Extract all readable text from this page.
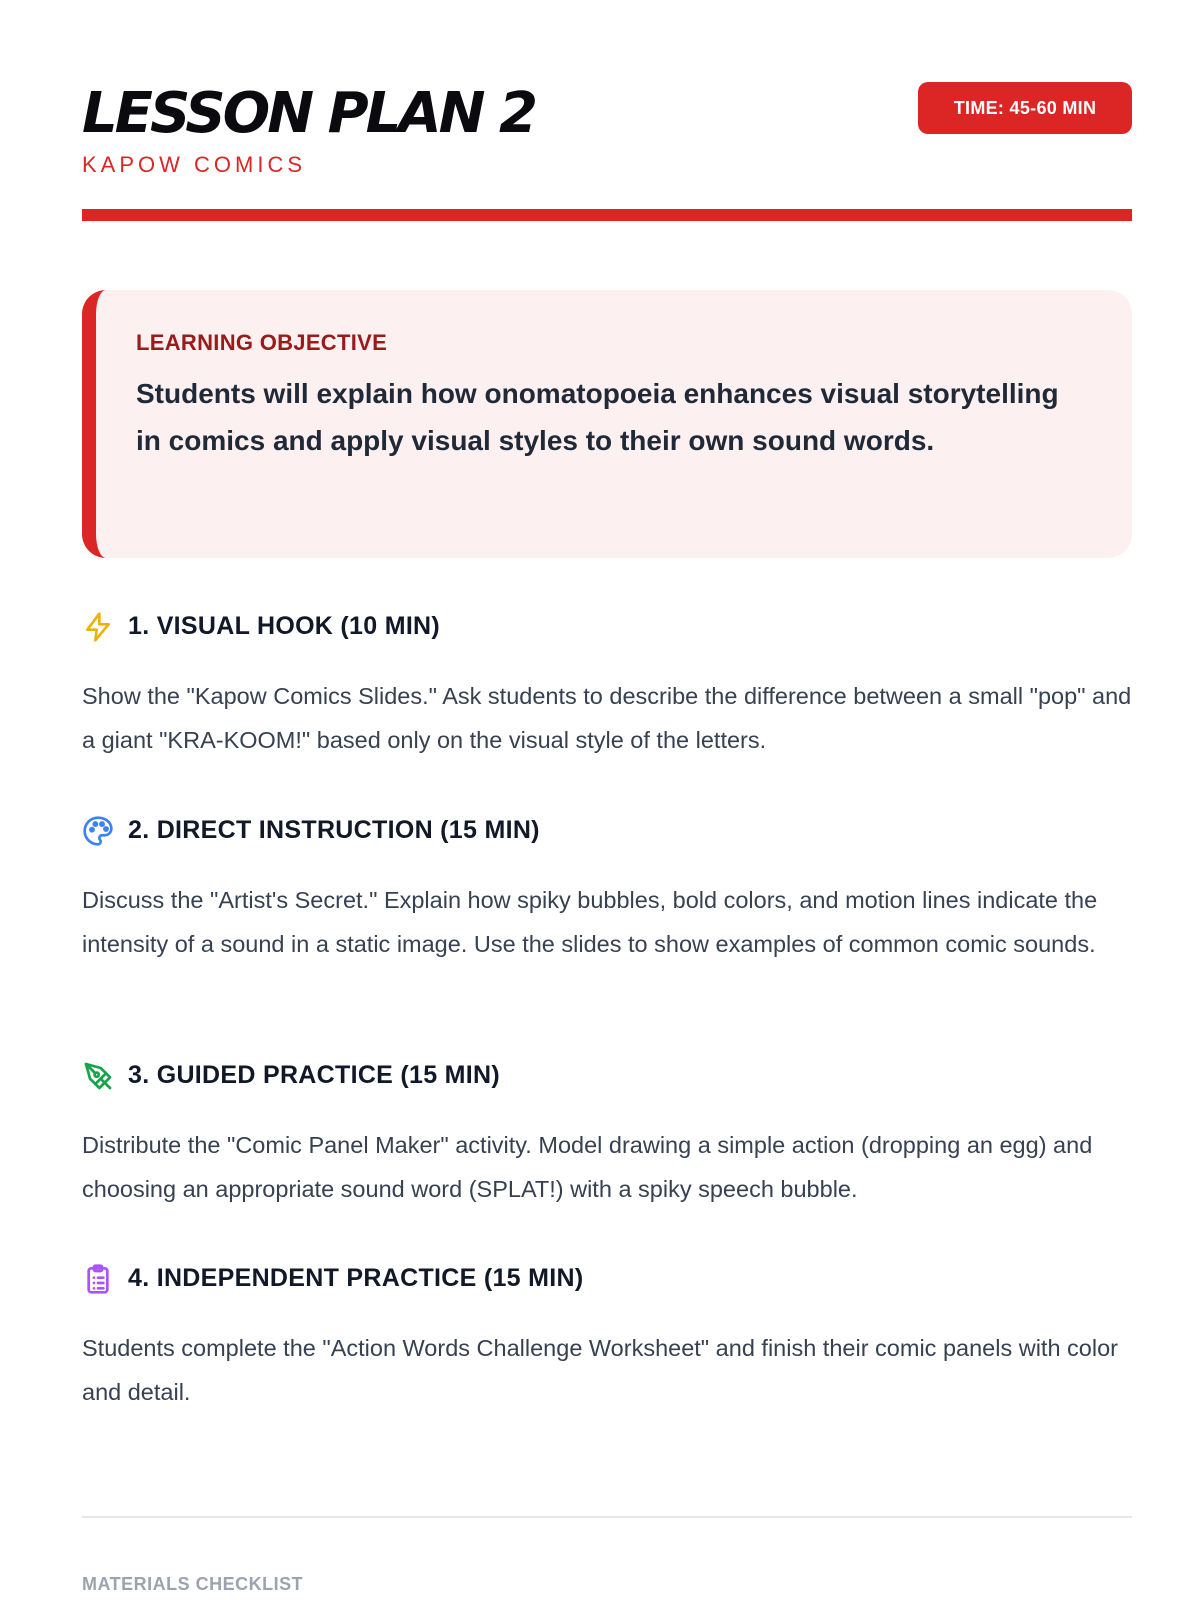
LESSON PLAN 2
KAPOW COMICS
TIME: 45-60 MIN
LEARNING OBJECTIVE

Students will explain how onomatopoeia enhances visual storytelling in comics and apply visual styles to their own sound words.

1. VISUAL HOOK (10 MIN)

Show the "Kapow Comics Slides." Ask students to describe the difference between a small "pop" and a giant "KRA-KOOM!" based only on the visual style of the letters.

2. DIRECT INSTRUCTION (15 MIN)

Discuss the "Artist's Secret." Explain how spiky bubbles, bold colors, and motion lines indicate the intensity of a sound in a static image. Use the slides to show examples of common comic sounds.

3. GUIDED PRACTICE (15 MIN)

Distribute the "Comic Panel Maker" activity. Model drawing a simple action (dropping an egg) and choosing an appropriate sound word (SPLAT!) with a spiky speech bubble.

4. INDEPENDENT PRACTICE (15 MIN)

Students complete the "Action Words Challenge Worksheet" and finish their comic panels with color and detail.

MATERIALS CHECKLIST
